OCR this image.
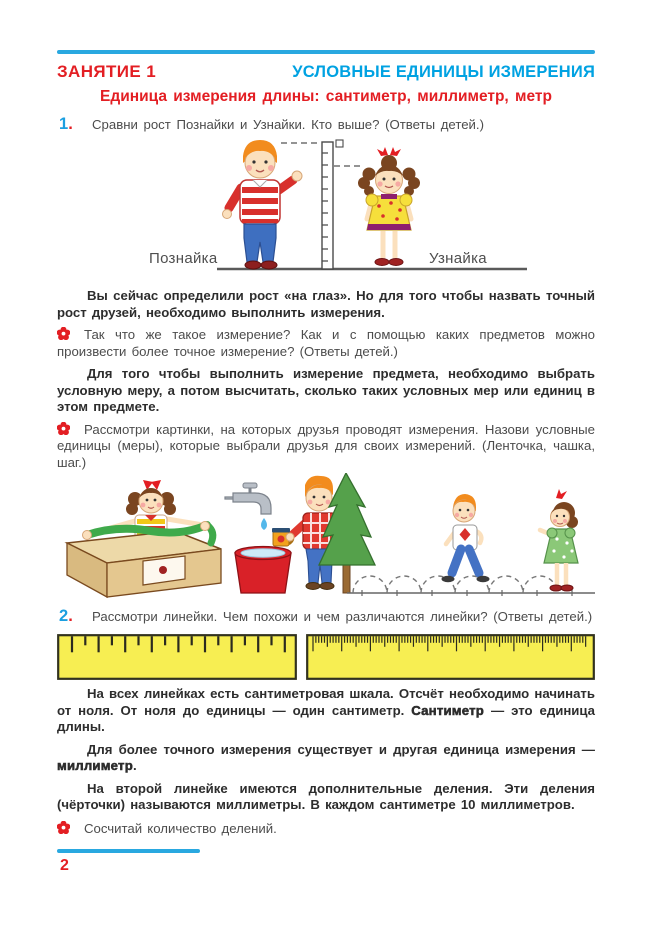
ЗАНЯТИЕ 1	УСЛОВНЫЕ ЕДИНИЦЫ ИЗМЕРЕНИЯ
Единица измерения длины: сантиметр, миллиметр, метр
1.	Сравни рост Познайки и Узнайки. Кто выше? (Ответы детей.)
Познайка	Узнайка

Вы сейчас определили рост «на глаз». Но для того чтобы назвать точный рост друзей, необходимо выполнить измерения.

Так что же такое измерение? Как и с помощью каких предметов можно произвести более точное измерение? (Ответы детей.)

Для того чтобы выполнить измерение предмета, необходимо выбрать условную меру, а потом высчитать, сколько таких условных мер или единиц в этом предмете.

Рассмотри картинки, на которых друзья проводят измерения. Назови условные единицы (меры), которые выбрали друзья для своих измерений. (Ленточка, чашка, шаг.)

2.	Рассмотри линейки. Чем похожи и чем различаются линейки? (Ответы детей.)

На всех линейках есть сантиметровая шкала. Отсчёт необходимо начинать от ноля. От ноля до единицы — один сантиметр. Сантиметр — это единица длины.

Для более точного измерения существует и другая единица измерения — миллиметр.

На второй линейке имеются дополнительные деления. Эти деления (чёрточки) называются миллиметры. В каждом сантиметре 10 миллиметров.

Сосчитай количество делений.

2
